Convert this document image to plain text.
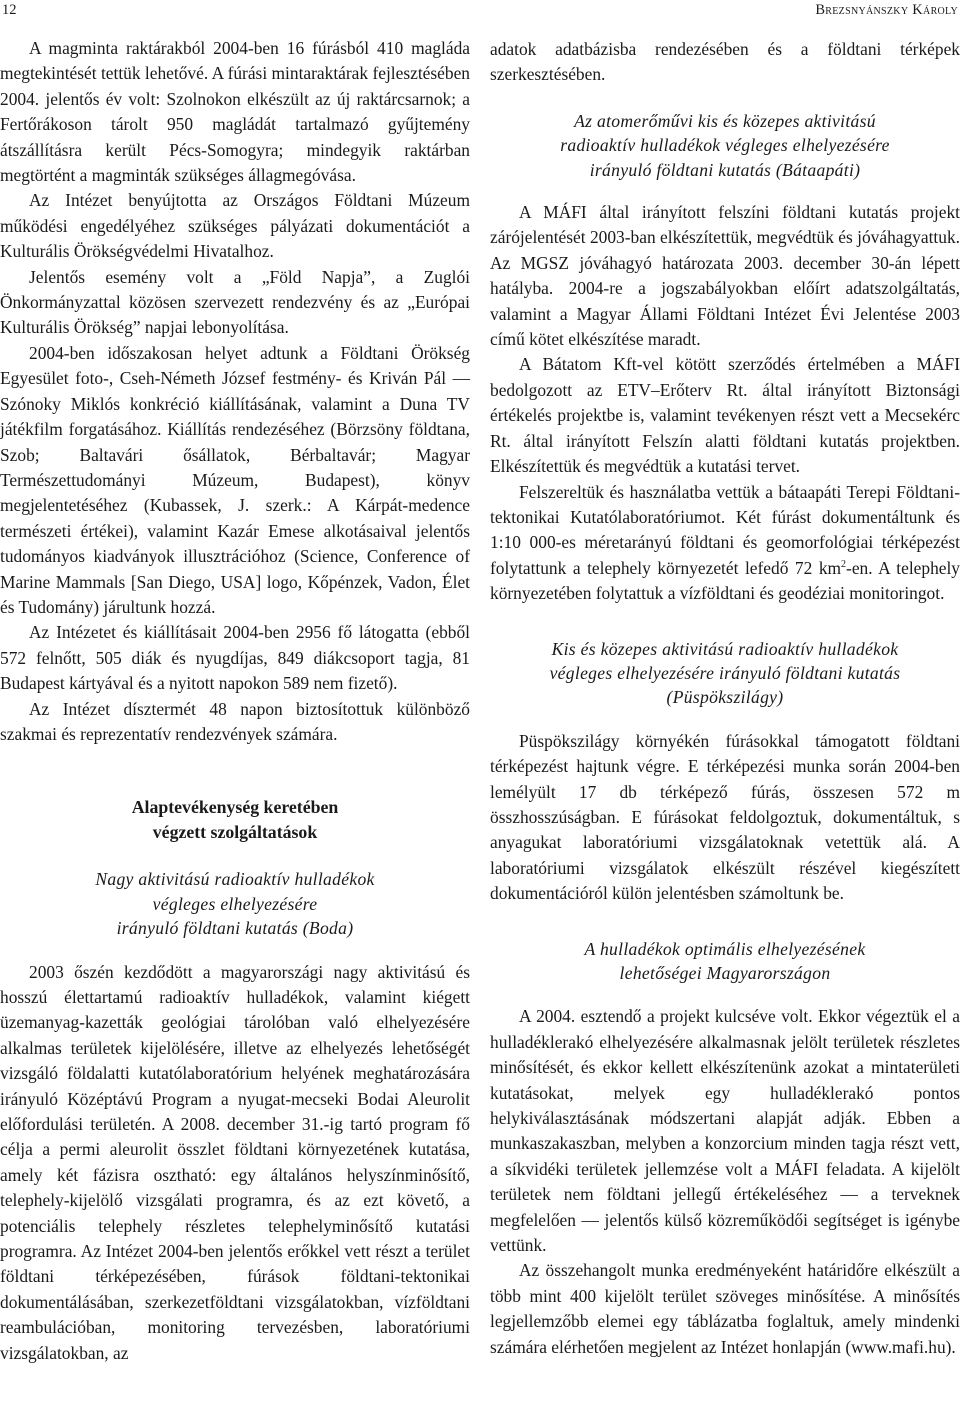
12	Brezsnyánszky Károly

A magminta raktárakból 2004-ben 16 fúrásból 410 magláda megtekintését tettük lehetővé. A fúrási mintaraktárak fejlesztésében 2004. jelentős év volt: Szolnokon elkészült az új raktárcsarnok; a Fertőrákoson tárolt 950 magládát tartalmazó gyűjtemény átszállításra került Pécs-Somogyra; mindegyik raktárban megtörtént a magminták szükséges állagmegóvása.

Az Intézet benyújtotta az Országos Földtani Múzeum működési engedélyéhez szükséges pályázati dokumentációt a Kulturális Örökségvédelmi Hivatalhoz.

Jelentős esemény volt a „Föld Napja”, a Zuglói Önkormányzattal közösen szervezett rendezvény és az „Európai Kulturális Örökség” napjai lebonyolítása.

2004-ben időszakosan helyet adtunk a Földtani Örökség Egyesület foto-, Cseh-Németh József festmény- és Kriván Pál — Szónoky Miklós konkréció kiállításának, valamint a Duna TV játékfilm forgatásához. Kiállítás rendezéséhez (Börzsöny földtana, Szob; Baltavári ősállatok, Bérbaltavár; Magyar Természettudományi Múzeum, Budapest), könyv megjelentetéséhez (Kubassek, J. szerk.: A Kárpát-medence természeti értékei), valamint Kazár Emese alkotásaival jelentős tudományos kiadványok illusztrációhoz (Science, Conference of Marine Mammals [San Diego, USA] logo, Kőpénzek, Vadon, Élet és Tudomány) járultunk hozzá.

Az Intézetet és kiállításait 2004-ben 2956 fő látogatta (ebből 572 felnőtt, 505 diák és nyugdíjas, 849 diákcsoport tagja, 81 Budapest kártyával és a nyitott napokon 589 nem fizető).

Az Intézet dísztermét 48 napon biztosítottuk különböző szakmai és reprezentatív rendezvények számára.

Alaptevékenység keretében

végzett szolgáltatások

Nagy aktivitású radioaktív hulladékok

végleges elhelyezésére

irányuló földtani kutatás (Boda)

2003 őszén kezdődött a magyarországi nagy aktivitású és hosszú élettartamú radioaktív hulladékok, valamint kiégett üzemanyag-kazetták geológiai tárolóban való elhelyezésére alkalmas területek kijelölésére, illetve az elhelyezés lehetőségét vizsgáló földalatti kutatólaboratórium helyének meghatározására irányuló Középtávú Program a nyugat-mecseki Bodai Aleurolit előfordulási területén. A 2008. december 31.-ig tartó program fő célja a permi aleurolit összlet földtani környezetének kutatása, amely két fázisra osztható: egy általános helyszínminősítő, telephely-kijelölő vizsgálati programra, és az ezt követő, a potenciális telephely részletes telephelyminősítő kutatási programra. Az Intézet 2004-ben jelentős erőkkel vett részt a terület földtani térképezésében, fúrások földtani-tektonikai dokumentálásában, szerkezetföldtani vizsgálatokban, vízföldtani reambulációban, monitoring tervezésben, laboratóriumi vizsgálatokban, az

adatok adatbázisba rendezésében és a földtani térképek szerkesztésében.

Az atomerőművi kis és közepes aktivitású

radioaktív hulladékok végleges elhelyezésére

irányuló földtani kutatás (Bátaapáti)

A MÁFI által irányított felszíni földtani kutatás projekt zárójelentését 2003-ban elkészítettük, megvédtük és jóváhagyattuk. Az MGSZ jóváhagyó határozata 2003. december 30-án lépett hatályba. 2004-re a jogszabályokban előírt adatszolgáltatás, valamint a Magyar Állami Földtani Intézet Évi Jelentése 2003 című kötet elkészítése maradt.

A Bátatom Kft-vel kötött szerződés értelmében a MÁFI bedolgozott az ETV–Erőterv Rt. által irányított Biztonsági értékelés projektbe is, valamint tevékenyen részt vett a Mecsekérc Rt. által irányított Felszín alatti földtani kutatás projektben. Elkészítettük és megvédtük a kutatási tervet.

Felszereltük és használatba vettük a bátaapáti Terepi Földtani-tektonikai Kutatólaboratóriumot. Két fúrást dokumentáltunk és 1:10 000-es méretarányú földtani és geomorfológiai térképezést folytattunk a telephely környezetét lefedő 72 $km^2-en$. A telephely környezetében folytattuk a vízföldtani és geodéziai monitoringot.

Kis és közepes aktivitású radioaktív hulladékok

végleges elhelyezésére irányuló földtani kutatás

(Püspökszilágy)

Püspökszilágy környékén fúrásokkal támogatott földtani térképezést hajtunk végre. E térképezési munka során 2004-ben lemélyült 17 db térképező fúrás, összesen 572 m összhosszúságban. E fúrásokat feldolgoztuk, dokumentáltuk, s anyagukat laboratóriumi vizsgálatoknak vetettük alá. A laboratóriumi vizsgálatok elkészült részével kiegészített dokumentációról külön jelentésben számoltunk be.

A hulladékok optimális elhelyezésének

lehetőségei Magyarországon

A 2004. esztendő a projekt kulcséve volt. Ekkor végeztük el a hulladéklerakó elhelyezésére alkalmasnak jelölt területek részletes minősítését, és ekkor kellett elkészítenünk azokat a mintaterületi kutatásokat, melyek egy hulladéklerakó pontos helykiválasztásának módszertani alapját adják. Ebben a munkaszakaszban, melyben a konzorcium minden tagja részt vett, a síkvidéki területek jellemzése volt a MÁFI feladata. A kijelölt területek nem földtani jellegű értékeléséhez — a terveknek megfelelően — jelentős külső közreműködői segítséget is igénybe vettünk.

Az összehangolt munka eredményeként határidőre elkészült a több mint 400 kijelölt terület szöveges minősítése. A minősítés legjellemzőbb elemei egy táblázatba foglaltuk, amely mindenki számára elérhetően megjelent az Intézet honlapján (www.mafi.hu).
